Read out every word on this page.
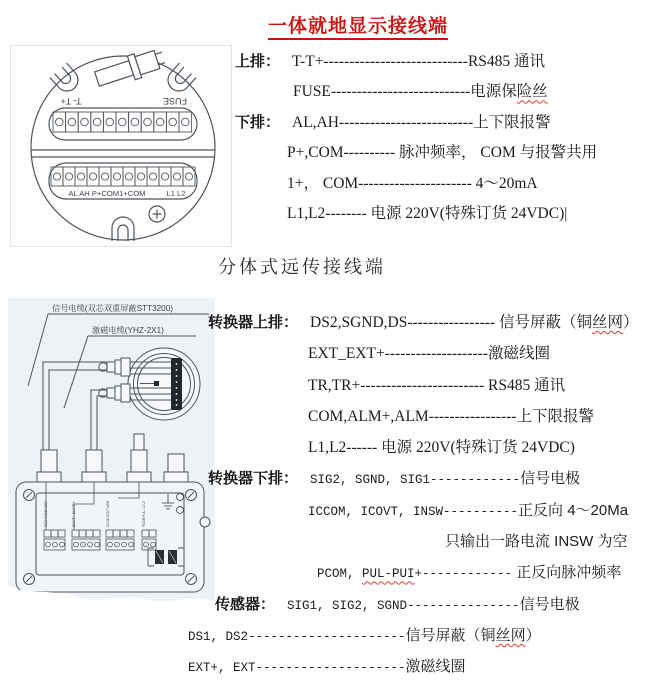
一体就地显示接线端
T- T+	FUSE
AL AH P+COM1+COM	L1 L2
上排： T-T+----------------------------RS485 通讯
FUSE---------------------------电源保险丝
下排： AL,AH--------------------------上下限报警
P+,COM---------- 脉冲频率， COM 与报警共用
1+， COM---------------------- 4～20mA
L1,L2-------- 电源 220V(特殊订货 24VDC)|
分体式远传接线端
SIG2 SGND SIG1	EXT- EXT+	ICCOM ICOVT INSW	PCOM PUL- L1 L2
信号电缆(双芯双重屏蔽STT3200)
激磁电缆(YHZ-2X1)	转换器上排： DS2,SGND,DS----------------- 信号屏蔽（铜丝网）
EXT_EXT+--------------------激磁线圈
TR,TR+------------------------ RS485 通讯
COM,ALM+,ALM-----------------上下限报警
L1,L2------ 电源 220V(特殊订货 24VDC)
转换器下排： SIG2, SGND, SIG1------------信号电极
ICCOM, ICOVT, INSW----------正反向 4～20Ma
只输出一路电流 INSW 为空
PCOM, PUL-PUI+------------ 正反向脉冲频率
传感器： SIG1, SIG2, SGND---------------信号电极
DS1, DS2---------------------信号屏蔽（铜丝网）
EXT+, EXT--------------------激磁线圈
